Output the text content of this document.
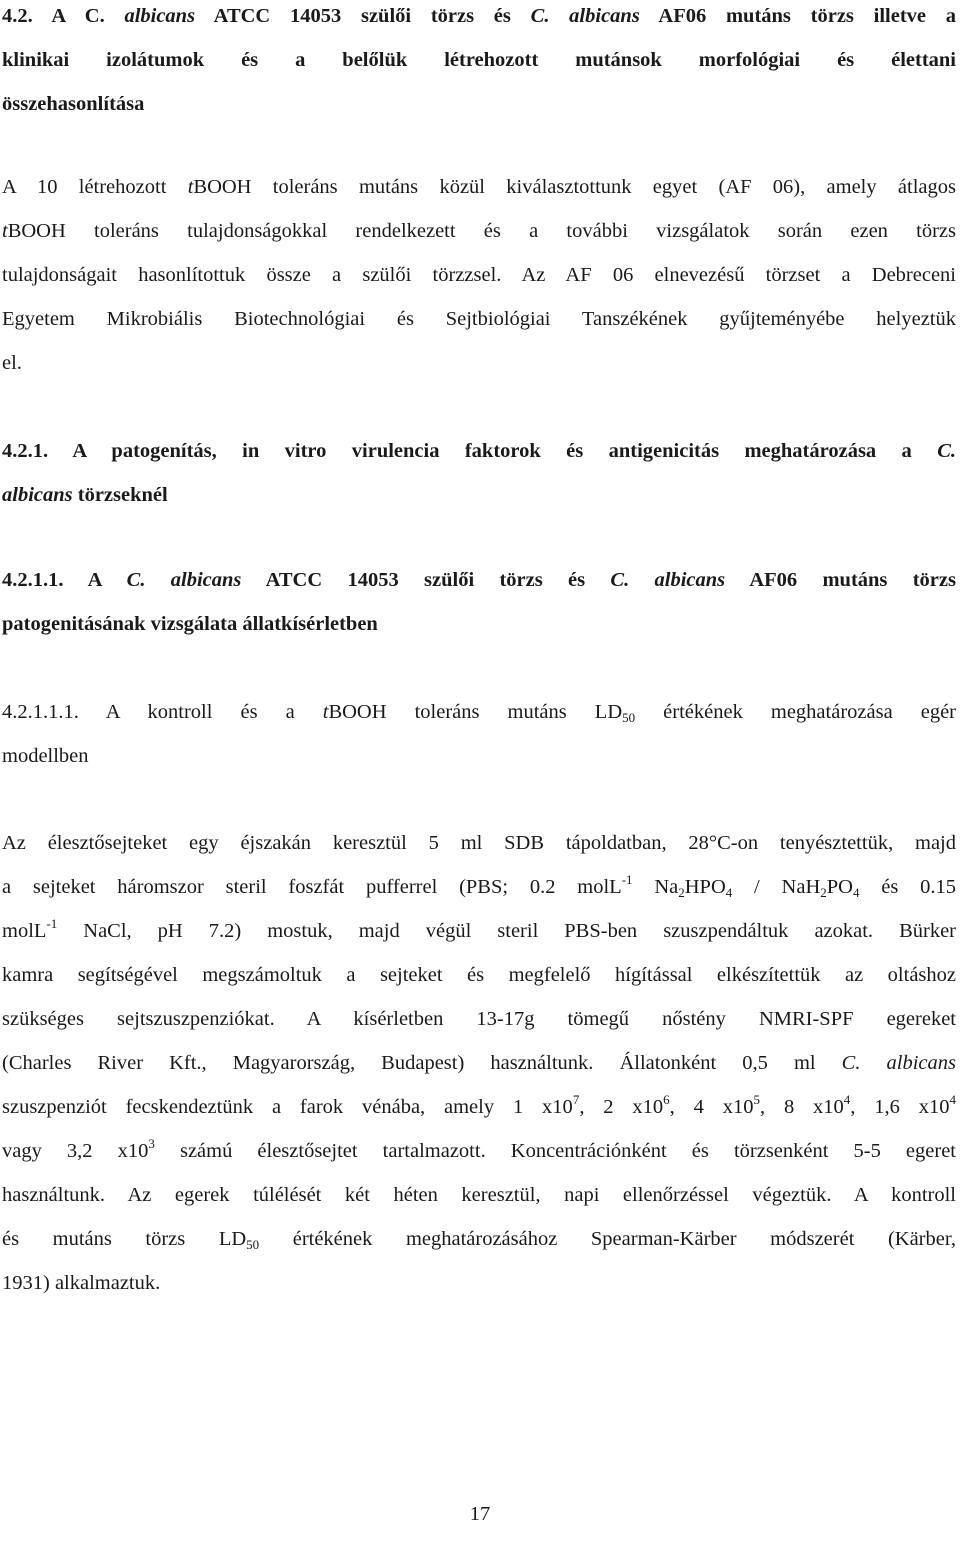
4.2. A C. albicans ATCC 14053 szülői törzs és C. albicans AF06 mutáns törzs illetve a
klinikai izolátumok és a belőlük létrehozott mutánsok morfológiai és élettani
összehasonlítása
A 10 létrehozott tBOOH toleráns mutáns közül kiválasztottunk egyet (AF 06), amely átlagos
tBOOH toleráns tulajdonságokkal rendelkezett és a további vizsgálatok során ezen törzs
tulajdonságait hasonlítottuk össze a szülői törzzsel. Az AF 06 elnevezésű törzset a Debreceni
Egyetem Mikrobiális Biotechnológiai és Sejtbiológiai Tanszékének gyűjteményébe helyeztük
el.
4.2.1. A patogenítás, in vitro virulencia faktorok és antigenicitás meghatározása a C.
albicans törzseknél
4.2.1.1. A C. albicans ATCC 14053 szülői törzs és C. albicans AF06 mutáns törzs
patogenitásának vizsgálata állatkísérletben
4.2.1.1.1. A kontroll és a tBOOH toleráns mutáns $LD_{50}$ értékének meghatározása egér
modellben
Az élesztősejteket egy éjszakán keresztül 5 ml SDB tápoldatban, 28°C-on tenyésztettük, majd
a sejteket háromszor steril foszfát pufferrel (PBS; 0.2 molL$^{-1}$ $Na_2HPO_4 / NaH_2PO_4$ és 0.15
molL$^{-1}$ NaCl, pH 7.2) mostuk, majd végül steril PBS-ben szuszpendáltuk azokat. Bürker
kamra segítségével megszámoltuk a sejteket és megfelelő hígítással elkészítettük az oltáshoz
szükséges sejtszuszpenziókat. A kísérletben 13-17g tömegű nőstény NMRI-SPF egereket
(Charles River Kft., Magyarország, Budapest) használtunk. Állatonként 0,5 ml C. albicans
szuszpenziót fecskendeztünk a farok vénába, amely 1 $x10^7$, 2 $x10^6$, 4 $x10^5$, 8 $x10^4$, 1,6 $x10^4$
vagy 3,2 $x10^3$ számú élesztősejtet tartalmazott. Koncentrációnként és törzsenként 5-5 egeret
használtunk. Az egerek túlélését két héten keresztül, napi ellenőrzéssel végeztük. A kontroll
és mutáns törzs $LD_{50}$ értékének meghatározásához Spearman-Kärber módszerét (Kärber,
1931) alkalmaztuk.
17
